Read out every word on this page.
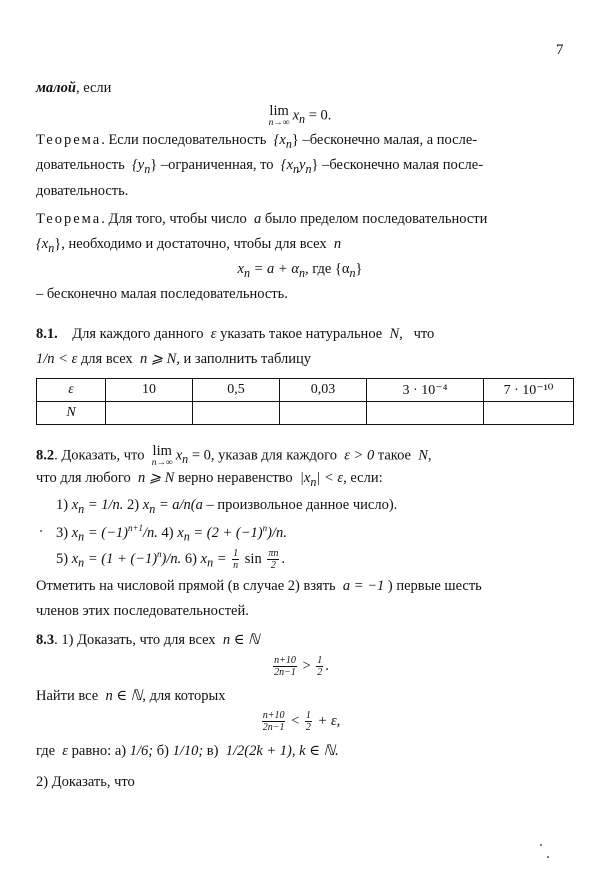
7
малой, если
lim
n→∞ $x_n = 0$.
Теорема. Если последовательность $\{x_n\}$ –бесконечно малая, а после-
довательность $\{y_n\}$ –ограниченная, то $\{x_ny_n\}$ –бесконечно малая после-
довательность.
Теорема. Для того, чтобы число a было пределом последовательности
$\{x_n\}$, необходимо и достаточно, чтобы для всех n
$x_n = a + \alpha_n$, где $\{\alpha_n\}$
– бесконечно малая последовательность.
8.1.    Для каждого данного ε указать такое натуральное N,   что
1/n < ε для всех n ⩾ N, и заполнить таблицу
ε	10	0,5	0,03	3 · 10⁻⁴	7 · 10⁻¹⁰
N					
8.2. Доказать, что lim
n→∞ $x_n = 0$, указав для каждого ε > 0 такое N,
что для любого n ⩾ N верно неравенство $|x_n| < \varepsilon$, если:
1) $x_n = 1/n$. 2) $x_n = a/n(a$ – произвольное данное число).
3) $x_n = (-1)^{n+1}/n$. 4) $x_n = (2 + (-1)^n)/n$.
5) $x_n = (1 + (-1)^n)/n$. 6) $x_n = \frac{1}{n}$ $\sin \frac{\pi n}{2}$ .
Отметить на числовой прямой (в случае 2) взять a = −1 ) первые шесть
членов этих последовательностей.
8.3. 1) Доказать, что для всех n ∈ ℕ
$\frac{n+10}{2n-1} > \frac{1}{2}$ .
Найти все n ∈ ℕ, для которых
$\frac{n+10}{2n-1} < \frac{1}{2} + \varepsilon$,
где ε равно: а) 1/6; б) 1/10; в) 1/2(2k + 1), k ∈ ℕ.
2) Доказать, что
